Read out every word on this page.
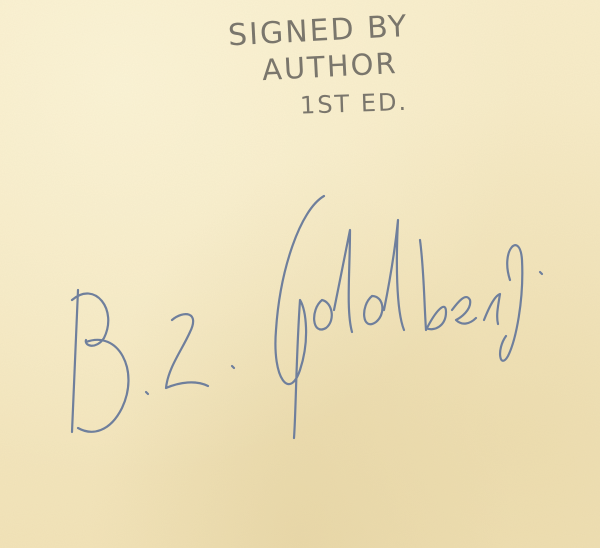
SIGNED BY
AUTHOR
1ST ED.
